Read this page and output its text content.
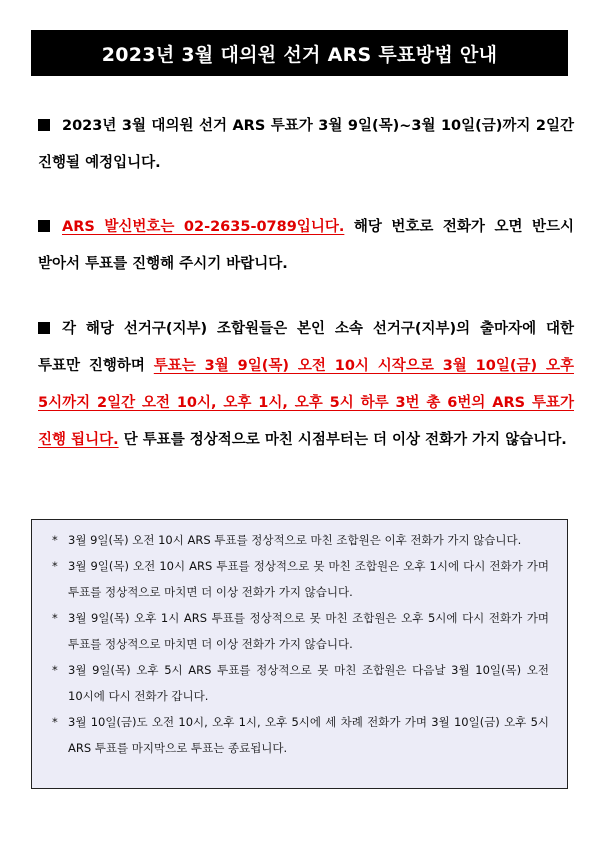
2023년 3월 대의원 선거 ARS 투표방법 안내
2023년 3월 대의원 선거 ARS 투표가 3월 9일(목)~3월 10일(금)까지 2일간 진행될 예정입니다.
ARS 발신번호는 02-2635-0789입니다. 해당 번호로 전화가 오면 반드시 받아서 투표를 진행해 주시기 바랍니다.
각 해당 선거구(지부) 조합원들은 본인 소속 선거구(지부)의 출마자에 대한 투표만 진행하며 투표는 3월 9일(목) 오전 10시 시작으로 3월 10일(금) 오후 5시까지 2일간 오전 10시, 오후 1시, 오후 5시 하루 3번 총 6번의 ARS 투표가 진행 됩니다. 단 투표를 정상적으로 마친 시점부터는 더 이상 전화가 가지 않습니다.
* 3월 9일(목) 오전 10시 ARS 투표를 정상적으로 마친 조합원은 이후 전화가 가지 않습니다.
* 3월 9일(목) 오전 10시 ARS 투표를 정상적으로 못 마친 조합원은 오후 1시에 다시 전화가 가며 투표를 정상적으로 마치면 더 이상 전화가 가지 않습니다.
* 3월 9일(목) 오후 1시 ARS 투표를 정상적으로 못 마친 조합원은 오후 5시에 다시 전화가 가며 투표를 정상적으로 마치면 더 이상 전화가 가지 않습니다.
* 3월 9일(목) 오후 5시 ARS 투표를 정상적으로 못 마친 조합원은 다음날 3월 10일(목) 오전 10시에 다시 전화가 갑니다.
* 3월 10일(금)도 오전 10시, 오후 1시, 오후 5시에 세 차례 전화가 가며 3월 10일(금) 오후 5시 ARS 투표를 마지막으로 투표는 종료됩니다.
